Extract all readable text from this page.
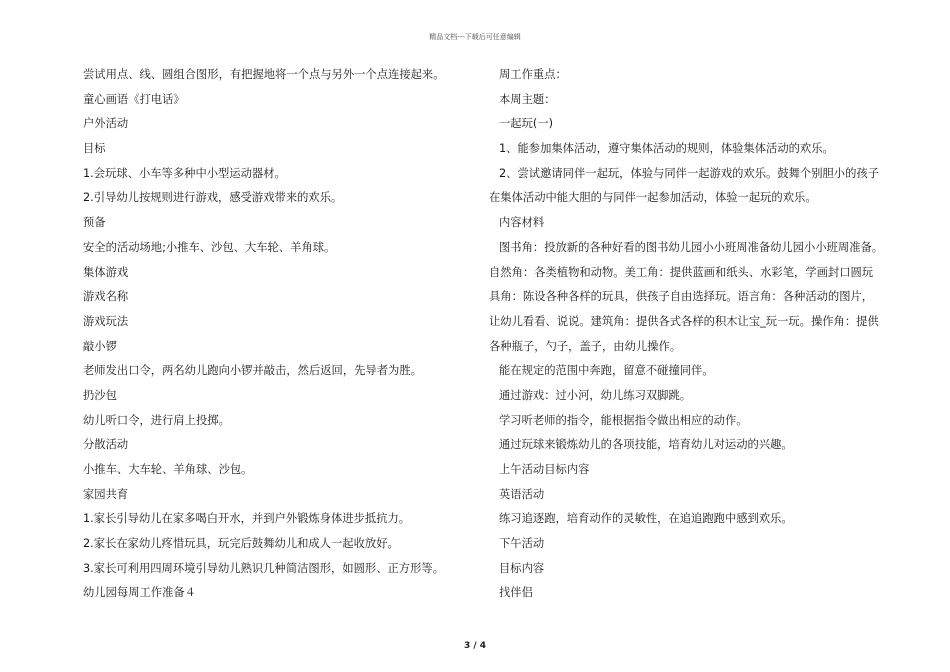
精品文档---下载后可任意编辑
尝试用点、线、圆组合图形，有把握地将一个点与另外一个点连接起来。
童心画语《打电话》
户外活动
目标
1.会玩球、小车等多种中小型运动器材。
2.引导幼儿按规则进行游戏，感受游戏带来的欢乐。
预备
安全的活动场地;小推车、沙包、大车轮、羊角球。
集体游戏
游戏名称
游戏玩法
敲小锣
老师发出口令，两名幼儿跑向小锣并敲击，然后返回，先导者为胜。
扔沙包
幼儿听口令，进行肩上投掷。
分散活动
小推车、大车轮、羊角球、沙包。
家园共育
1.家长引导幼儿在家多喝白开水，并到户外锻炼身体进步抵抗力。
2.家长在家幼儿疼惜玩具，玩完后鼓舞幼儿和成人一起收放好。
3.家长可利用四周环境引导幼儿熟识几种简洁图形，如圆形、正方形等。
幼儿园每周工作准备４
周工作重点：
本周主题：
一起玩(一)
1、能参加集体活动，遵守集体活动的规则，体验集体活动的欢乐。
2、尝试邀请同伴一起玩，体验与同伴一起游戏的欢乐。鼓舞个别胆小的孩子
在集体活动中能大胆的与同伴一起参加活动，体验一起玩的欢乐。
内容材料
图书角：投放新的各种好看的图书幼儿园小小班周准备幼儿园小小班周准备。
自然角：各类植物和动物。美工角：提供蓝画和纸头、水彩笔，学画封口圆玩
具角：陈设各种各样的玩具，供孩子自由选择玩。语言角：各种活动的图片，
让幼儿看看、说说。建筑角：提供各式各样的积木让宝_玩一玩。操作角：提供
各种瓶子，勺子，盖子，由幼儿操作。
能在规定的范围中奔跑，留意不碰撞同伴。
通过游戏：过小河，幼儿练习双脚跳。
学习听老师的指令，能根据指令做出相应的动作。
通过玩球来锻炼幼儿的各项技能，培育幼儿对运动的兴趣。
上午活动目标内容
英语活动
练习追逐跑，培育动作的灵敏性，在追追跑跑中感到欢乐。
下午活动
目标内容
找伴侣
3 / 4
